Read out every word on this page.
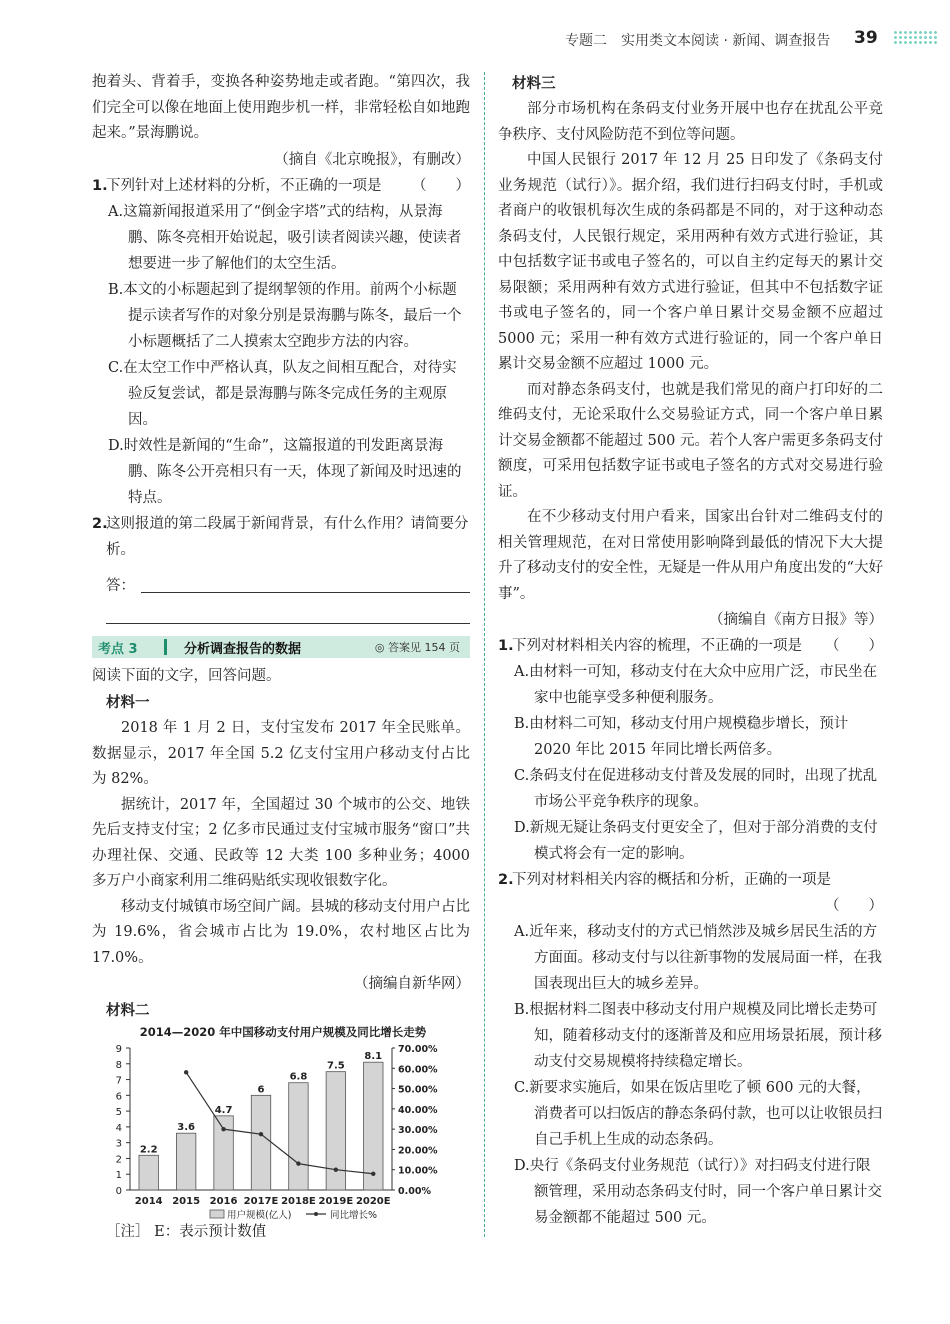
专题二　实用类文本阅读 · 新闻、调查报告 39

抱着头、背着手，变换各种姿势地走或者跑。“第四次，我们完全可以像在地面上使用跑步机一样，非常轻松自如地跑起来。”景海鹏说。

（摘自《北京晚报》，有删改）

1.
下列针对上述材料的分析，不正确的一项是 （　　）

A.这篇新闻报道采用了“倒金字塔”式的结构，从景海鹏、陈冬亮相开始说起，吸引读者阅读兴趣，使读者想要进一步了解他们的太空生活。

B.本文的小标题起到了提纲挈领的作用。前两个小标题提示读者写作的对象分别是景海鹏与陈冬，最后一个小标题概括了二人摸索太空跑步方法的内容。

C.在太空工作中严格认真，队友之间相互配合，对待实验反复尝试，都是景海鹏与陈冬完成任务的主观原因。

D.时效性是新闻的“生命”，这篇报道的刊发距离景海鹏、陈冬公开亮相只有一天，体现了新闻及时迅速的特点。

2.
这则报道的第二段属于新闻背景，有什么作用？请简要分析。
答：
考点 3	分析调查报告的数据	◎ 答案见 154 页

阅读下面的文字，回答问题。

材料一

2018 年 1 月 2 日，支付宝发布 2017 年全民账单。数据显示，2017 年全国 5.2 亿支付宝用户移动支付占比为 82%。

据统计，2017 年，全国超过 30 个城市的公交、地铁先后支持支付宝；2 亿多市民通过支付宝城市服务“窗口”共办理社保、交通、民政等 12 大类 100 多种业务；4000 多万户小商家利用二维码贴纸实现收银数字化。

移动支付城镇市场空间广阔。县城的移动支付用户占比为 19.6%，省会城市占比为 19.0%，农村地区占比为 17.0%。

（摘编自新华网）

材料二

2014—2020 年中国移动支付用户规模及同比增长走势
0
1
2
3
4
5
6
7
8
9
0.00%
10.00%
20.00%
30.00%
40.00%
50.00%
60.00%
70.00%
2.2
2014
3.6
2015
4.7
2016
6
2017E
6.8
2018E
7.5
2019E
8.1
2020E
用户规模(亿人)	同比增长%

［注］ E：表示预计数值

材料三

部分市场机构在条码支付业务开展中也存在扰乱公平竞争秩序、支付风险防范不到位等问题。

中国人民银行 2017 年 12 月 25 日印发了《条码支付业务规范（试行）》。据介绍，我们进行扫码支付时，手机或者商户的收银机每次生成的条码都是不同的，对于这种动态条码支付，人民银行规定，采用两种有效方式进行验证，其中包括数字证书或电子签名的，可以自主约定每天的累计交易限额；采用两种有效方式进行验证，但其中不包括数字证书或电子签名的，同一个客户单日累计交易金额不应超过 5000 元；采用一种有效方式进行验证的，同一个客户单日累计交易金额不应超过 1000 元。

而对静态条码支付，也就是我们常见的商户打印好的二维码支付，无论采取什么交易验证方式，同一个客户单日累计交易金额都不能超过 500 元。若个人客户需更多条码支付额度，可采用包括数字证书或电子签名的方式对交易进行验证。

在不少移动支付用户看来，国家出台针对二维码支付的相关管理规范，在对日常使用影响降到最低的情况下大大提升了移动支付的安全性，无疑是一件从用户角度出发的“大好事”。

（摘编自《南方日报》等）

1.
下列对材料相关内容的梳理，不正确的一项是 （　　）

A.由材料一可知，移动支付在大众中应用广泛，市民坐在家中也能享受多种便利服务。

B.由材料二可知，移动支付用户规模稳步增长，预计 2020 年比 2015 年同比增长两倍多。

C.条码支付在促进移动支付普及发展的同时，出现了扰乱市场公平竞争秩序的现象。

D.新规无疑让条码支付更安全了，但对于部分消费的支付模式将会有一定的影响。

2.
下列对材料相关内容的概括和分析，正确的一项是
（　　）

A.近年来，移动支付的方式已悄然涉及城乡居民生活的方方面面。移动支付与以往新事物的发展局面一样，在我国表现出巨大的城乡差异。

B.根据材料二图表中移动支付用户规模及同比增长走势可知，随着移动支付的逐渐普及和应用场景拓展，预计移动支付交易规模将持续稳定增长。

C.新要求实施后，如果在饭店里吃了顿 600 元的大餐，消费者可以扫饭店的静态条码付款，也可以让收银员扫自己手机上生成的动态条码。

D.央行《条码支付业务规范（试行）》对扫码支付进行限额管理，采用动态条码支付时，同一个客户单日累计交易金额都不能超过 500 元。
